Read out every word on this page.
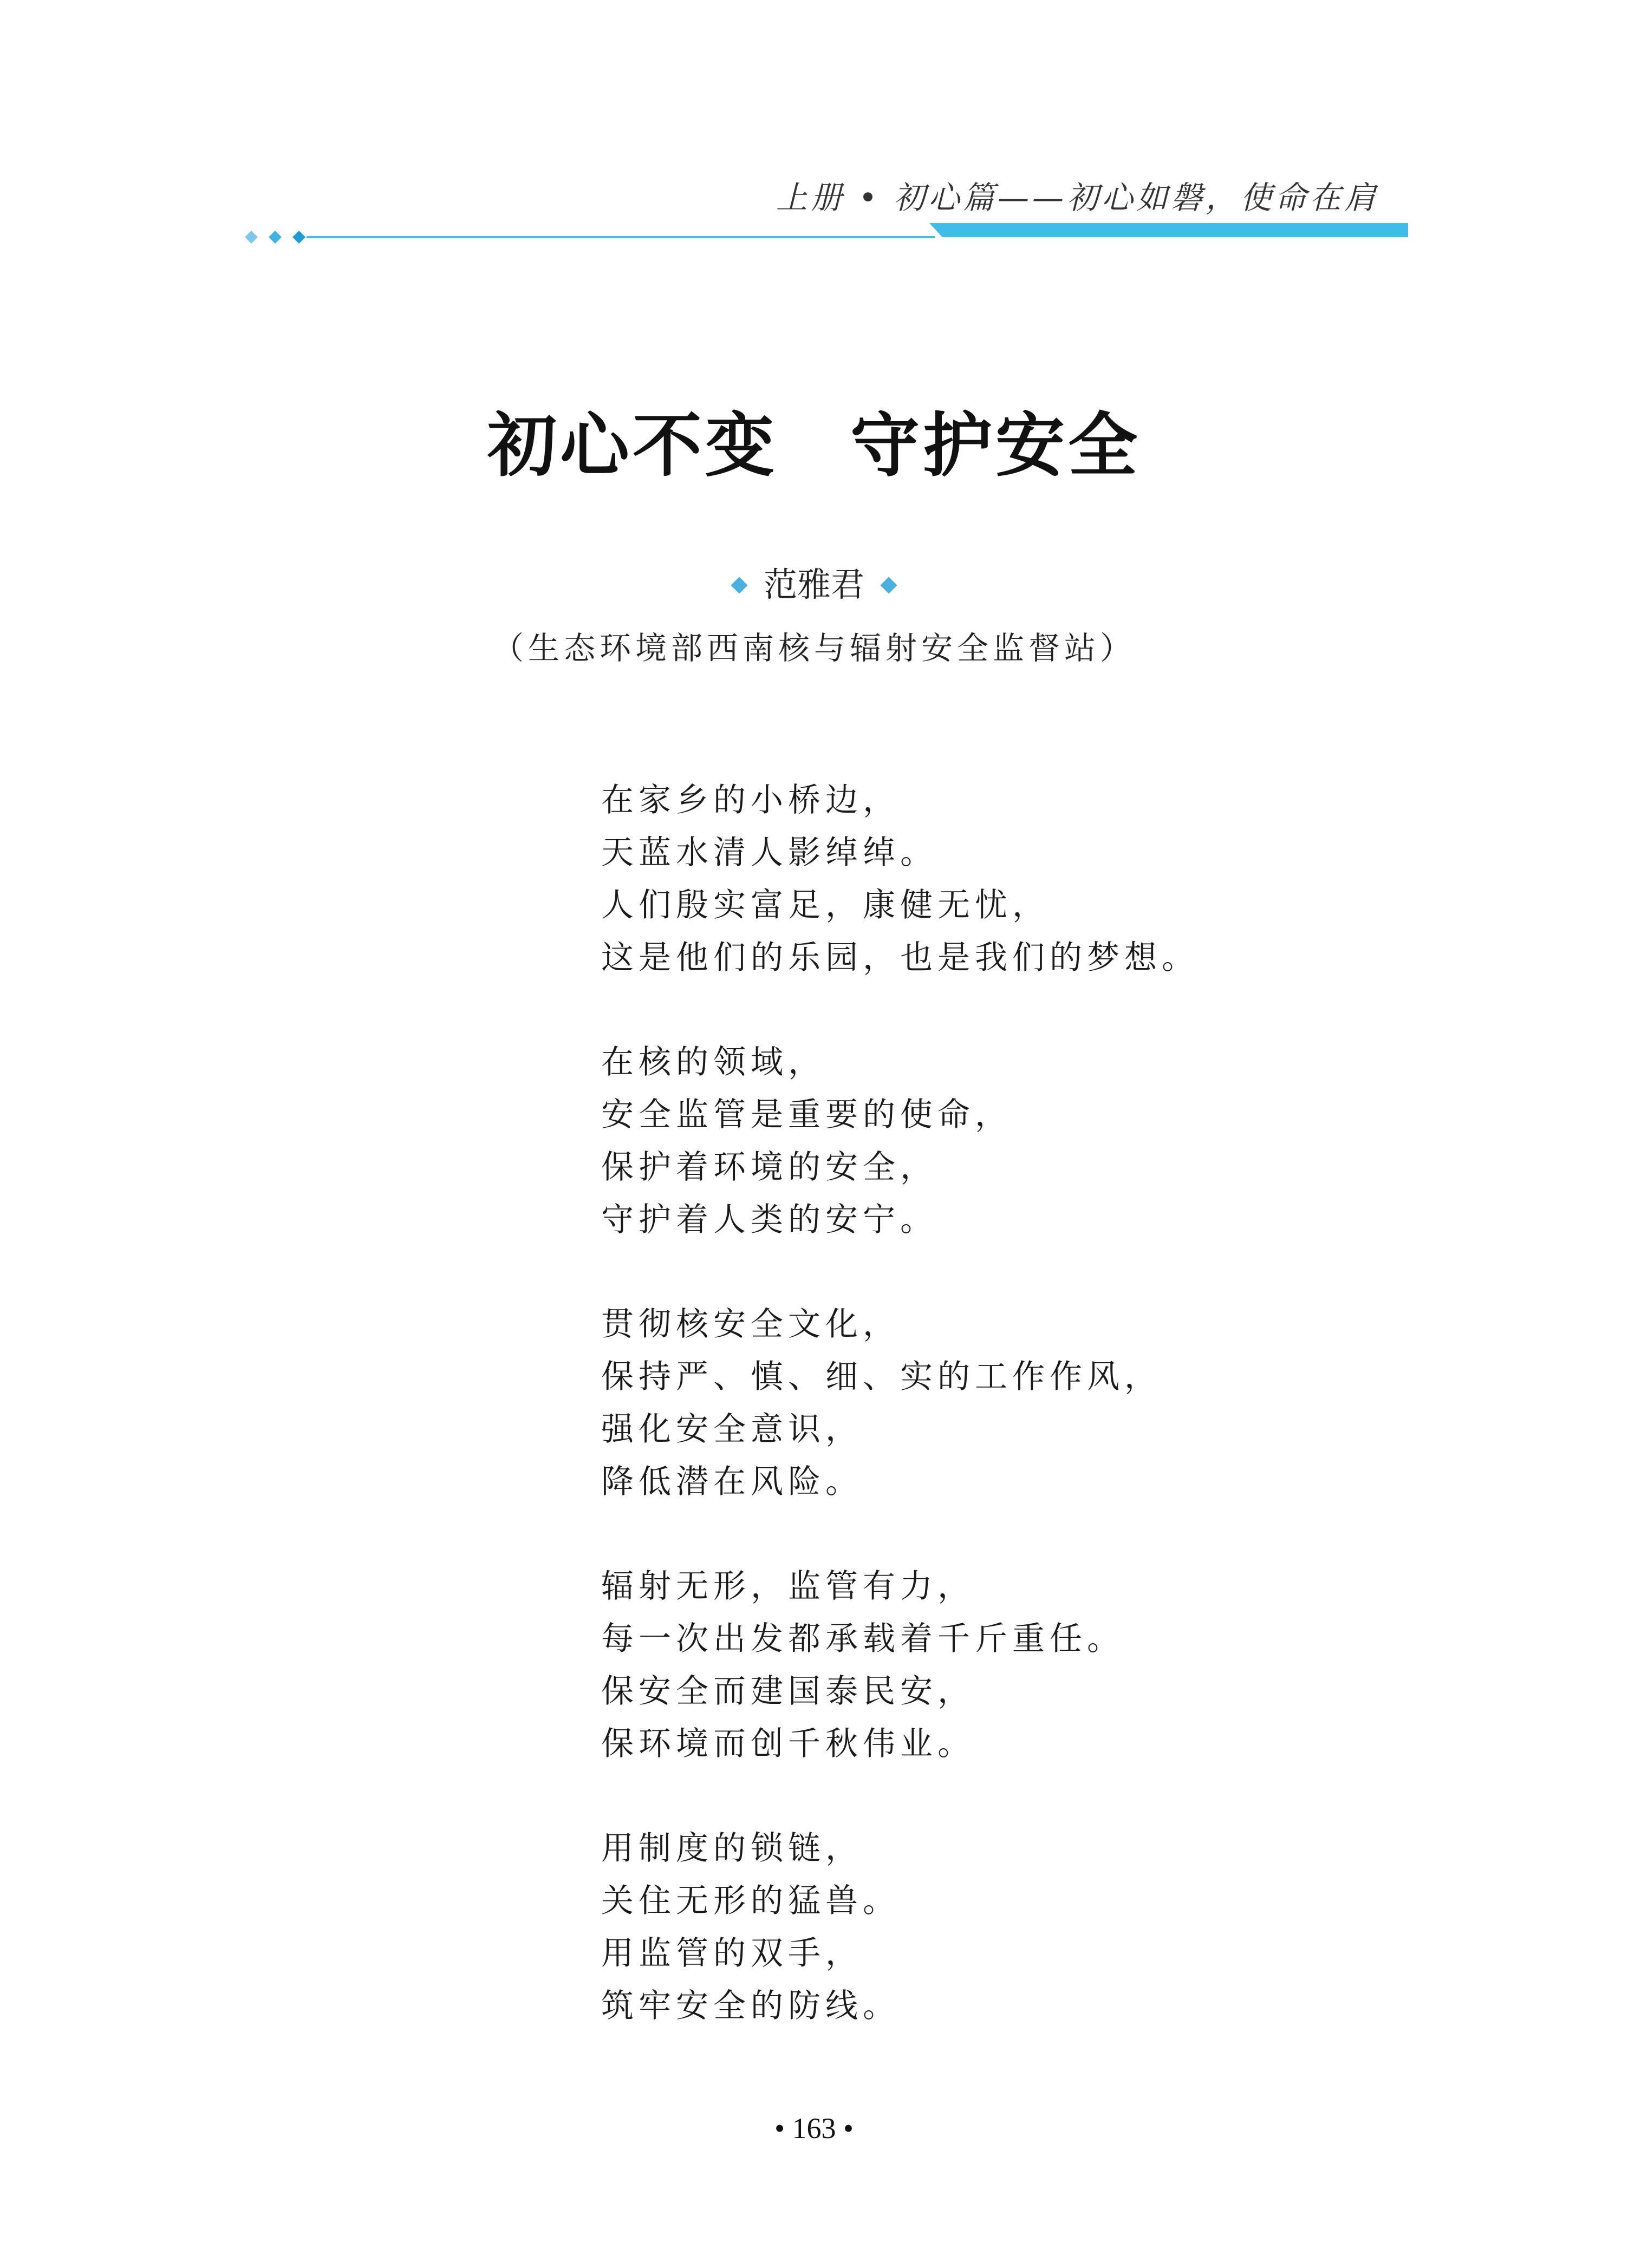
上册 • 初心篇——初心如磐，使命在肩
初心不变　守护安全
范雅君
（生态环境部西南核与辐射安全监督站）
在家乡的小桥边，
天蓝水清人影绰绰。
人们殷实富足，康健无忧，
这是他们的乐园，也是我们的梦想。
在核的领域，
安全监管是重要的使命，
保护着环境的安全，
守护着人类的安宁。
贯彻核安全文化，
保持严、慎、细、实的工作作风，
强化安全意识，
降低潜在风险。
辐射无形，监管有力，
每一次出发都承载着千斤重任。
保安全而建国泰民安，
保环境而创千秋伟业。
用制度的锁链，
关住无形的猛兽。
用监管的双手，
筑牢安全的防线。
• 163 •
